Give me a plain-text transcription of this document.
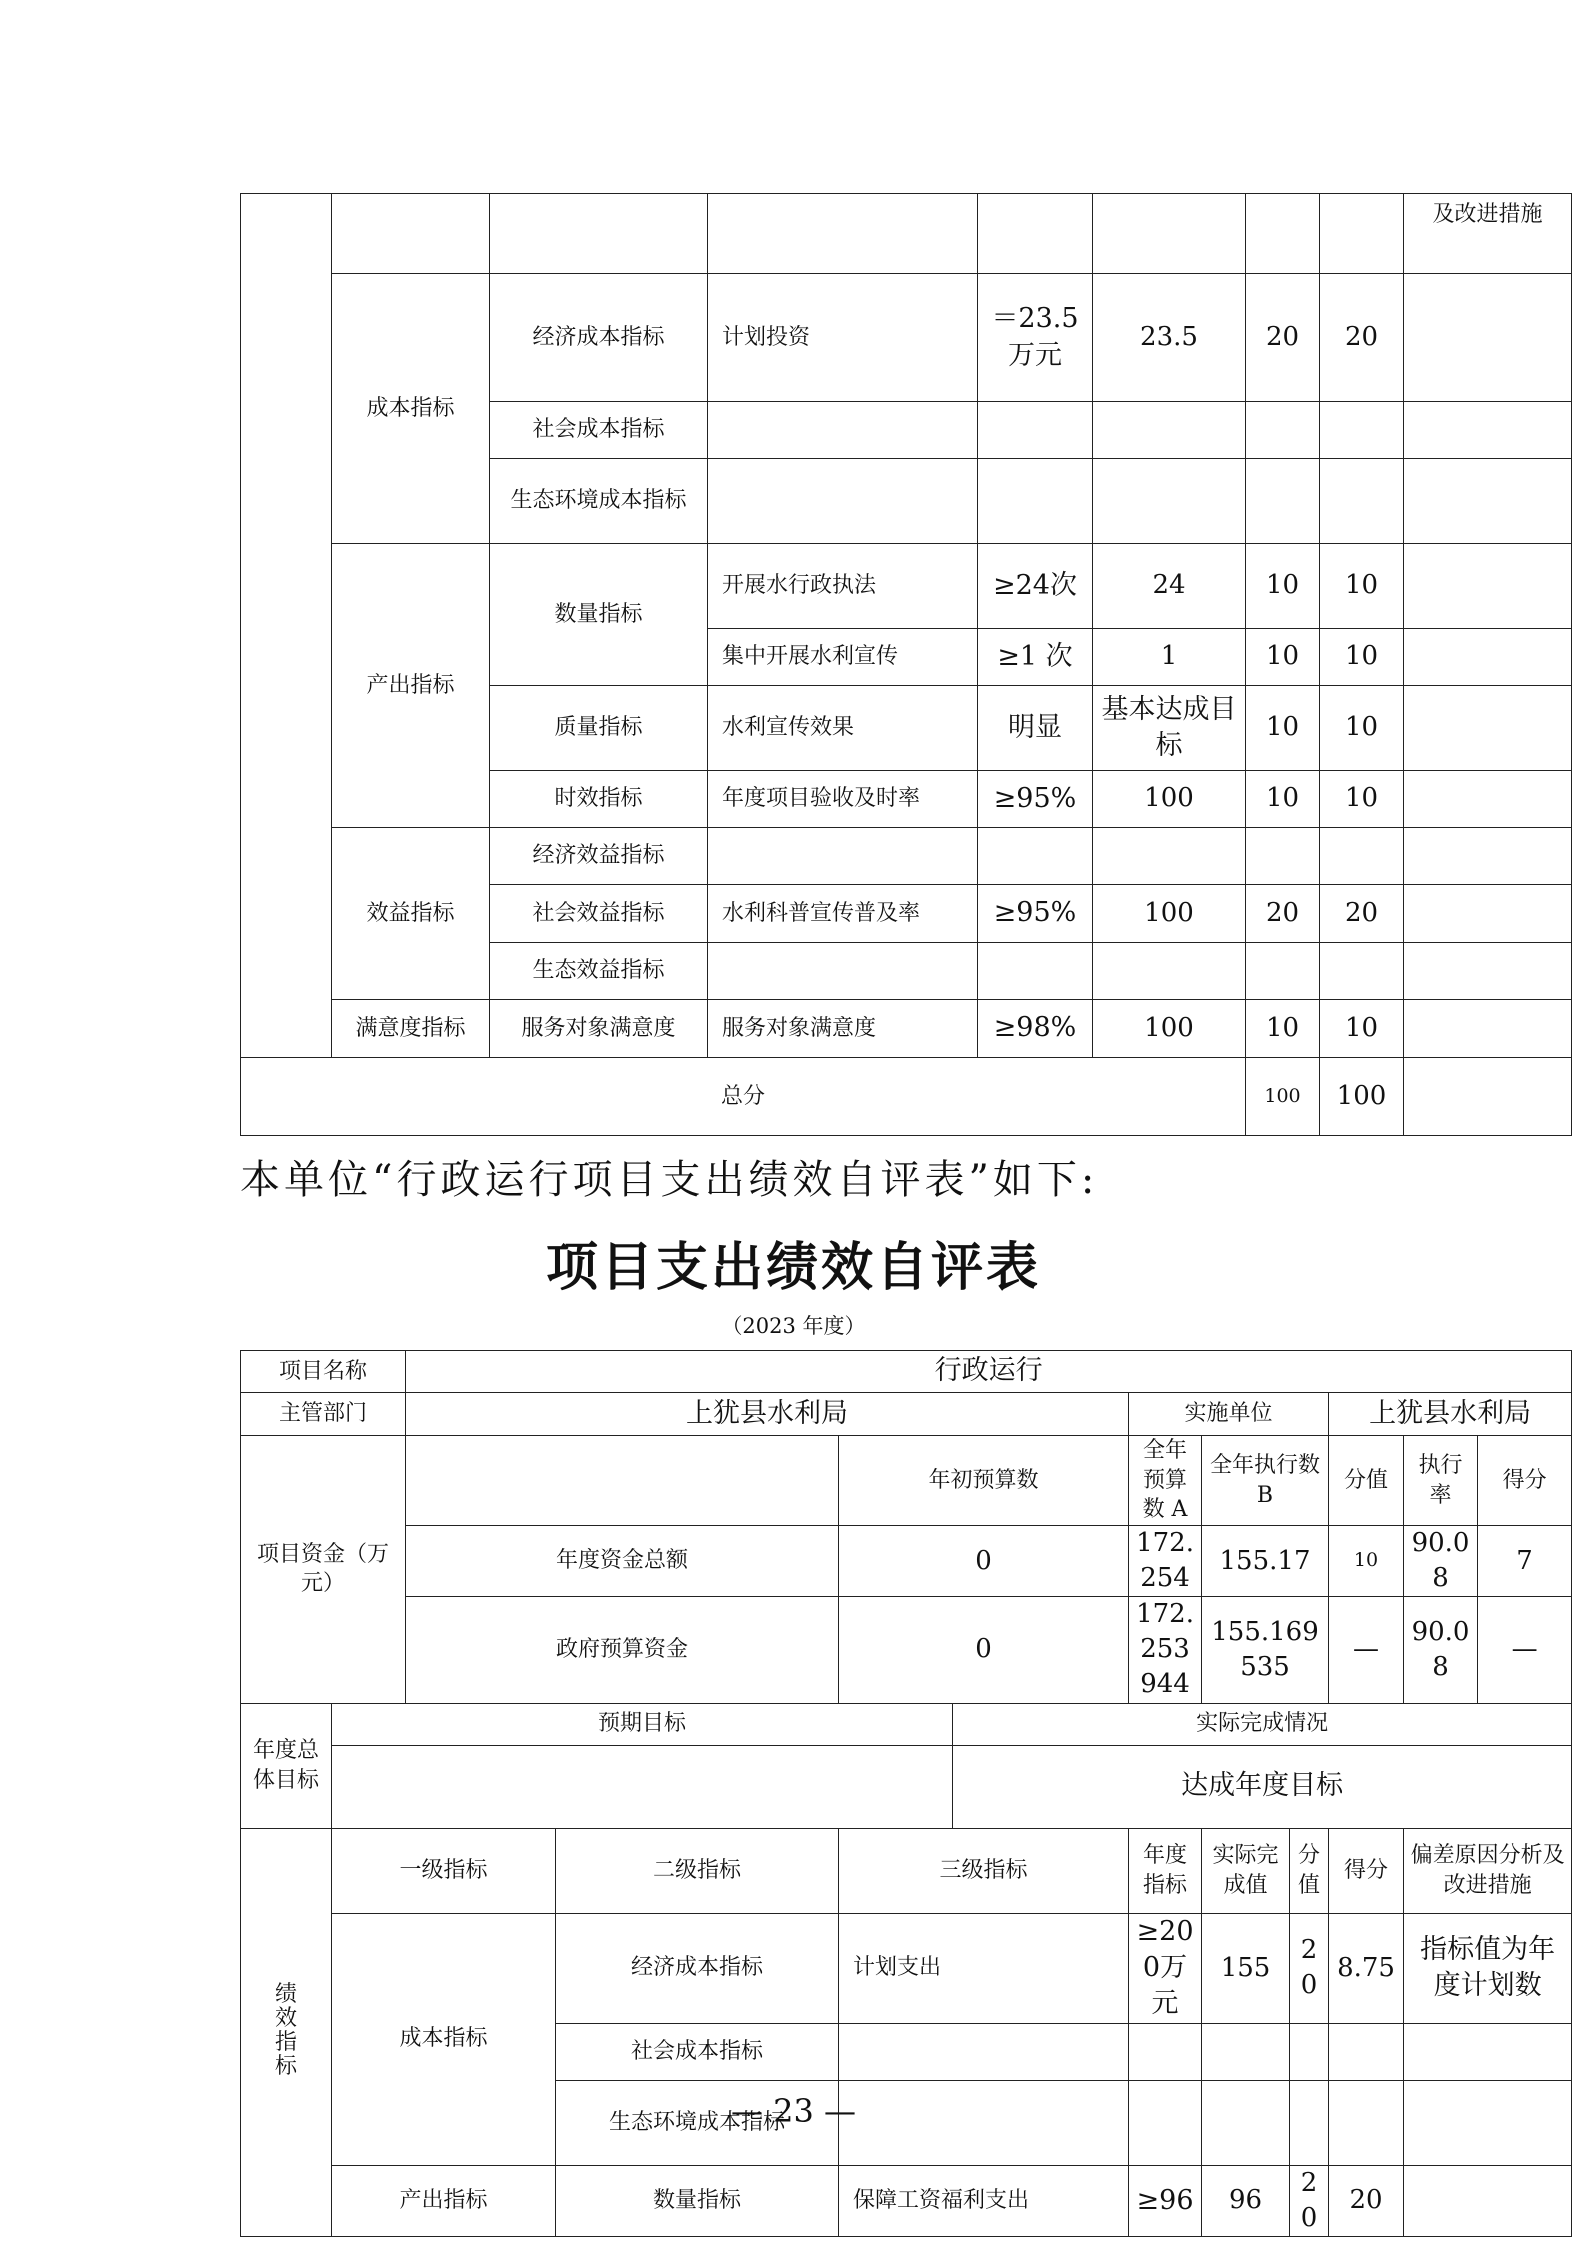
								及改进措施
	成本指标	经济成本指标	计划投资	＝23.5万元	23.5	20	20	
		社会成本指标						
		生态环境成本指标						
	产出指标	数量指标	开展水行政执法	≥24次	24	10	10	
			集中开展水利宣传	≥1 次	1	10	10	
		质量指标	水利宣传效果	明显	基本达成目标	10	10	
		时效指标	年度项目验收及时率	≥95%	100	10	10	
	效益指标	经济效益指标						
		社会效益指标	水利科普宣传普及率	≥95%	100	20	20	
		生态效益指标						
	满意度指标	服务对象满意度	服务对象满意度	≥98%	100	10	10	
总分						100	100	
本单位“行政运行项目支出绩效自评表”如下:
项目支出绩效自评表
（2023 年度）
项目名称		行政运行									
主管部门		上犹县水利局				实施单位			上犹县水利局		
项目资金（万元）				年初预算数		全年预算数 A	全年执行数 B		分值	执行率	得分
		年度资金总额		0		172.254	155.17		10	90.08	7
		政府预算资金		0		172.253944	155.169535		—	90.08	—
年度总体目标	预期目标				实际完成情况						
					达成年度目标						
绩效指标	一级指标		二级指标	三级指标		年度指标	实际完成值	分值	得分	偏差原因分析及改进措施	
	成本指标		经济成本指标	计划支出		≥200万元	155	20	8.75	指标值为年度计划数	
			社会成本指标								
			生态环境成本指标								
	产出指标		数量指标	保障工资福利支出		≥96	96	20	20		
— 23 —
